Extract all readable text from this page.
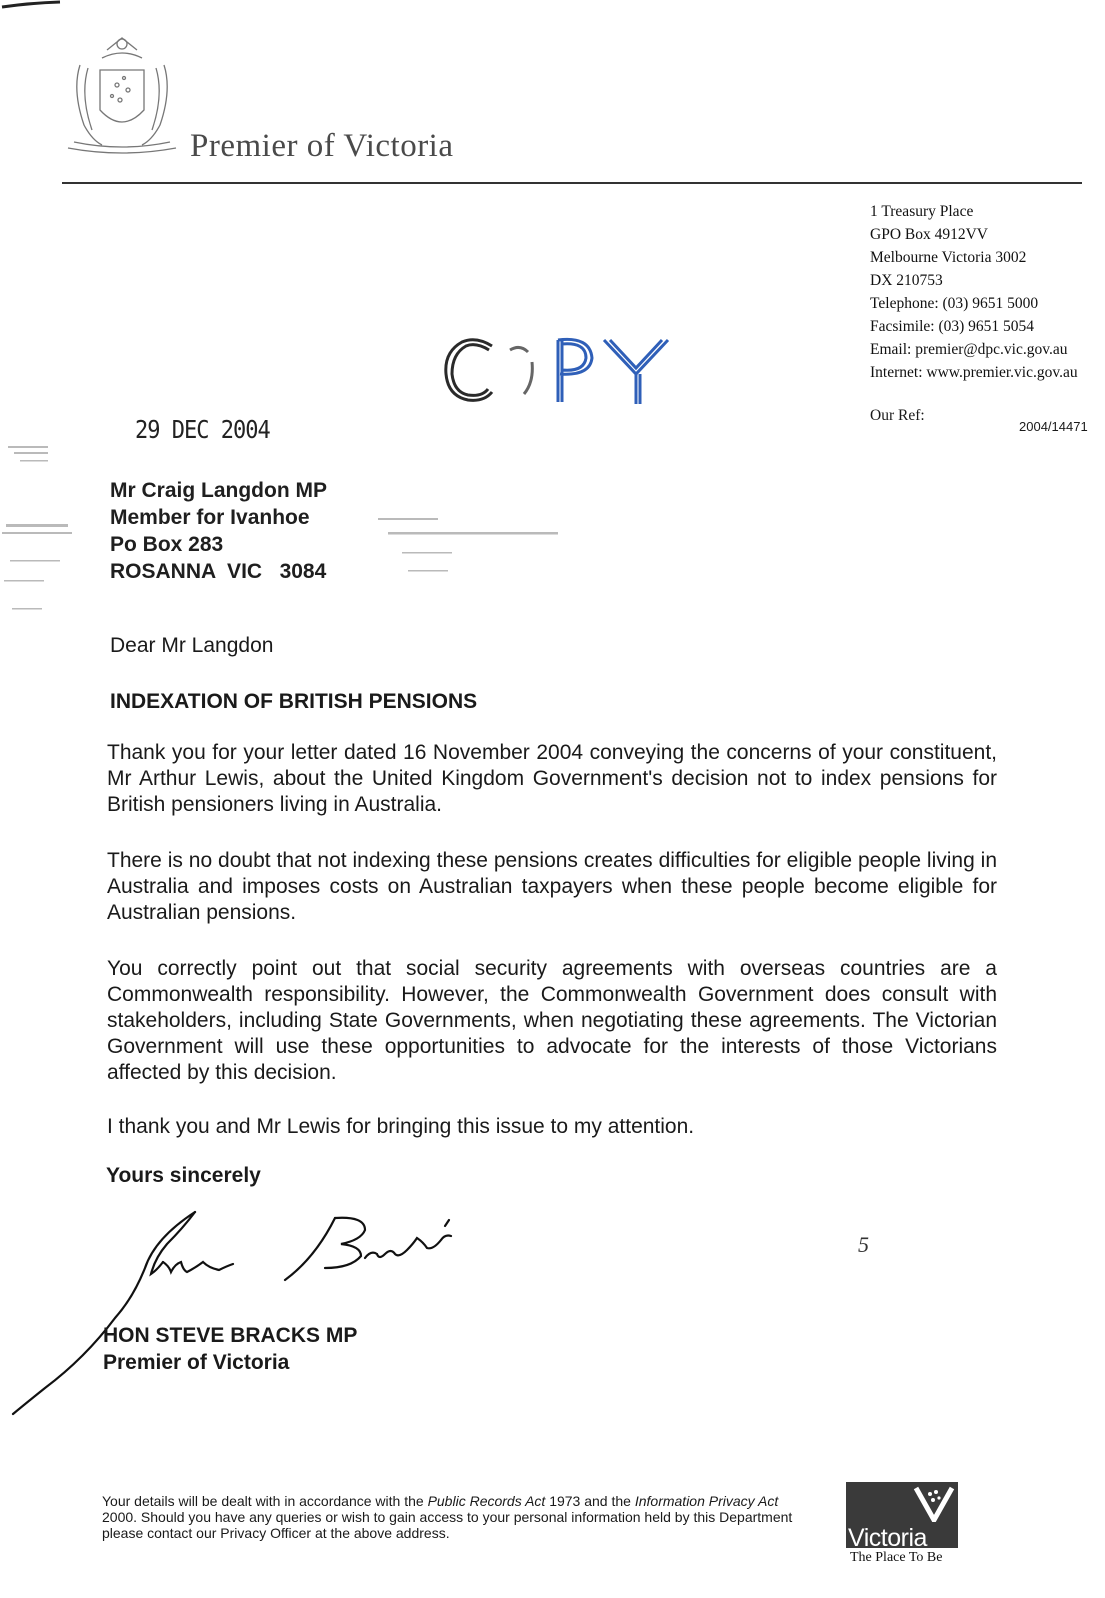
Premier of Victoria
1 Treasury Place
GPO Box 4912VV
Melbourne Victoria 3002
DX 210753
Telephone: (03) 9651 5000
Facsimile: (03) 9651 5054
Email: premier@dpc.vic.gov.au
Internet: www.premier.vic.gov.au
Our Ref:
2004/14471
29 DEC 2004
Mr Craig Langdon MP
Member for Ivanhoe
Po Box 283
ROSANNA  VIC   3084
Dear Mr Langdon
INDEXATION OF BRITISH PENSIONS
Thank you for your letter dated 16 November 2004 conveying the concerns of your constituent, Mr Arthur Lewis, about the United Kingdom Government's decision not to index pensions for British pensioners living in Australia.
There is no doubt that not indexing these pensions creates difficulties for eligible people living in Australia and imposes costs on Australian taxpayers when these people become eligible for Australian pensions.
You correctly point out that social security agreements with overseas countries are a Commonwealth responsibility. However, the Commonwealth Government does consult with stakeholders, including State Governments, when negotiating these agreements. The Victorian Government will use these opportunities to advocate for the interests of those Victorians affected by this decision.
I thank you and Mr Lewis for bringing this issue to my attention.
Yours sincerely
HON STEVE BRACKS MP
Premier of Victoria
5
Your details will be dealt with in accordance with the Public Records Act 1973 and the Information Privacy Act 2000. Should you have any queries or wish to gain access to your personal information held by this Department please contact our Privacy Officer at the above address.	Victoria
The Place To Be
